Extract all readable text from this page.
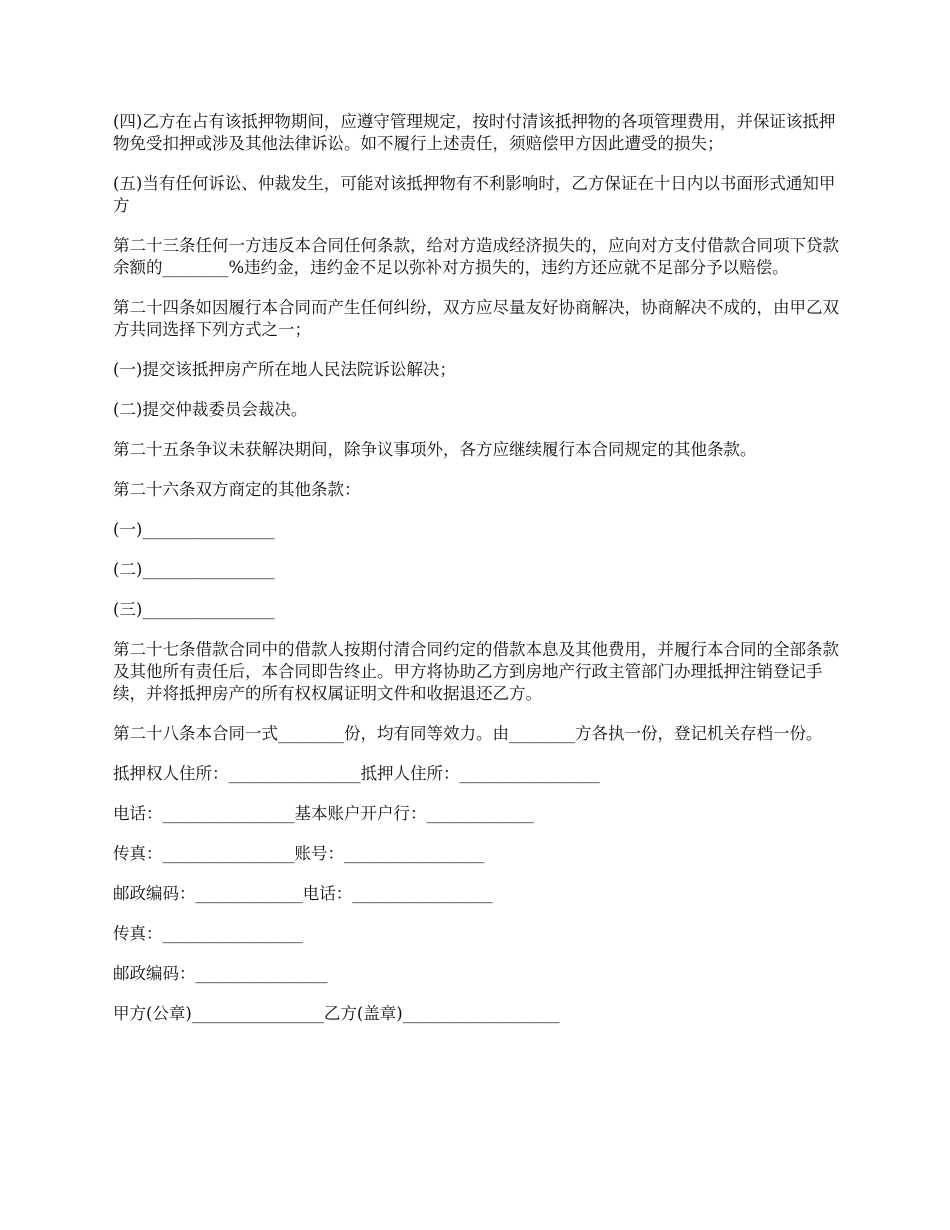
(四)乙方在占有该抵押物期间，应遵守管理规定，按时付清该抵押物的各项管理费用，并保证该抵押物免受扣押或涉及其他法律诉讼。如不履行上述责任，须赔偿甲方因此遭受的损失；

(五)当有任何诉讼、仲裁发生，可能对该抵押物有不利影响时，乙方保证在十日内以书面形式通知甲方

第二十三条任何一方违反本合同任何条款，给对方造成经济损失的，应向对方支付借款合同项下贷款余额的________%违约金，违约金不足以弥补对方损失的，违约方还应就不足部分予以赔偿。

第二十四条如因履行本合同而产生任何纠纷，双方应尽量友好协商解决，协商解决不成的，由甲乙双方共同选择下列方式之一；

(一)提交该抵押房产所在地人民法院诉讼解决；

(二)提交仲裁委员会裁决。

第二十五条争议未获解决期间，除争议事项外，各方应继续履行本合同规定的其他条款。

第二十六条双方商定的其他条款：

(一)________________

(二)________________

(三)________________

第二十七条借款合同中的借款人按期付清合同约定的借款本息及其他费用，并履行本合同的全部条款及其他所有责任后，本合同即告终止。甲方将协助乙方到房地产行政主管部门办理抵押注销登记手续，并将抵押房产的所有权权属证明文件和收据退还乙方。

第二十八条本合同一式________份，均有同等效力。由________方各执一份，登记机关存档一份。

抵押权人住所：________________抵押人住所：_________________

电话：________________基本账户开户行：_____________

传真：________________账号：_________________

邮政编码：_____________电话：_________________

传真：_________________

邮政编码：________________

甲方(公章)________________乙方(盖章)___________________
